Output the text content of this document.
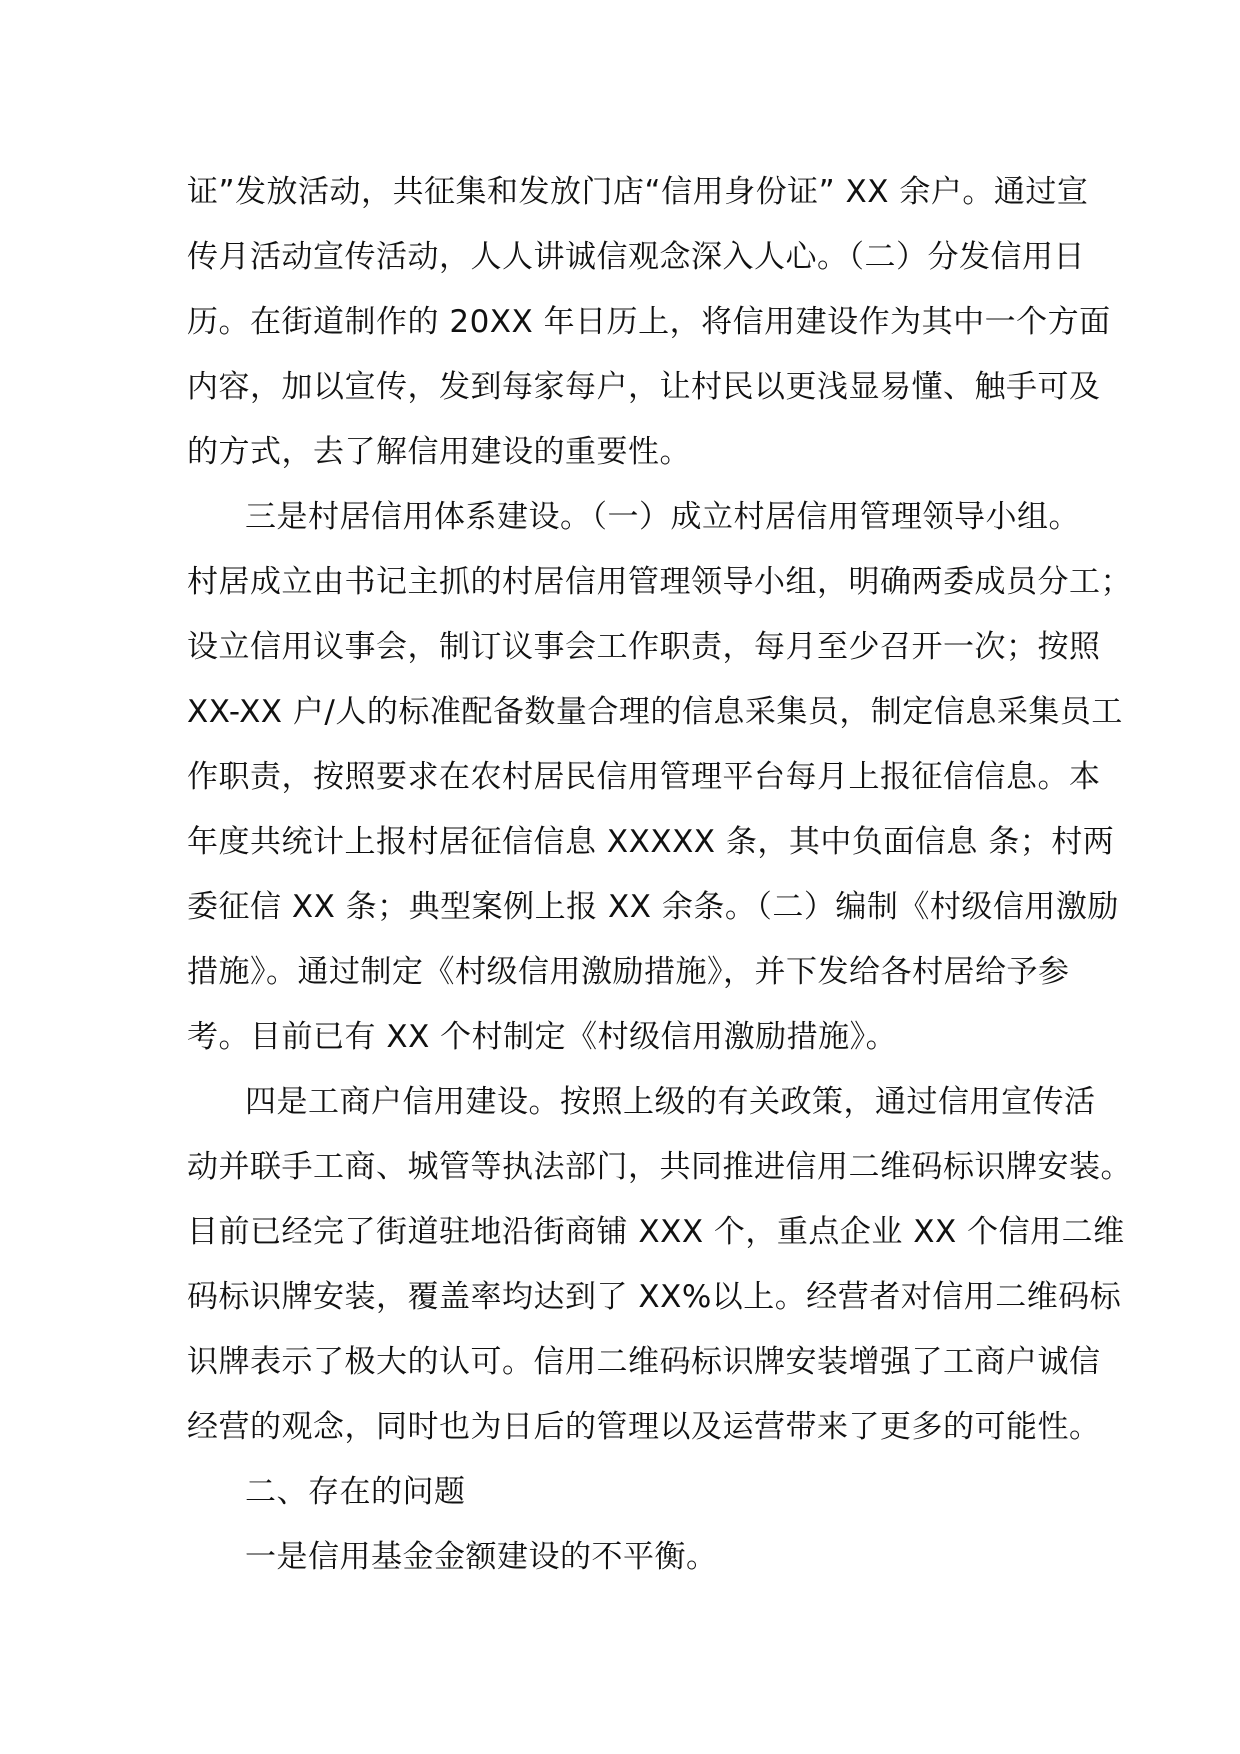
证”发放活动，共征集和发放门店“信用身份证” XX 余户。通过宣
传月活动宣传活动，人人讲诚信观念深入人心。（二）分发信用日
历。在街道制作的 20XX 年日历上，将信用建设作为其中一个方面
内容，加以宣传，发到每家每户，让村民以更浅显易懂、触手可及
的方式，去了解信用建设的重要性。
三是村居信用体系建设。（一）成立村居信用管理领导小组。
村居成立由书记主抓的村居信用管理领导小组，明确两委成员分工；
设立信用议事会，制订议事会工作职责，每月至少召开一次；按照
XX-XX 户/人的标准配备数量合理的信息采集员，制定信息采集员工
作职责，按照要求在农村居民信用管理平台每月上报征信信息。本
年度共统计上报村居征信信息 XXXXX 条，其中负面信息 条；村两
委征信 XX 条；典型案例上报 XX 余条。（二）编制《村级信用激励
措施》。通过制定《村级信用激励措施》，并下发给各村居给予参
考。目前已有 XX 个村制定《村级信用激励措施》。
四是工商户信用建设。按照上级的有关政策，通过信用宣传活
动并联手工商、城管等执法部门，共同推进信用二维码标识牌安装。
目前已经完了街道驻地沿街商铺 XXX 个，重点企业 XX 个信用二维
码标识牌安装，覆盖率均达到了 XX%以上。经营者对信用二维码标
识牌表示了极大的认可。信用二维码标识牌安装增强了工商户诚信
经营的观念，同时也为日后的管理以及运营带来了更多的可能性。
二、存在的问题
一是信用基金金额建设的不平衡。
